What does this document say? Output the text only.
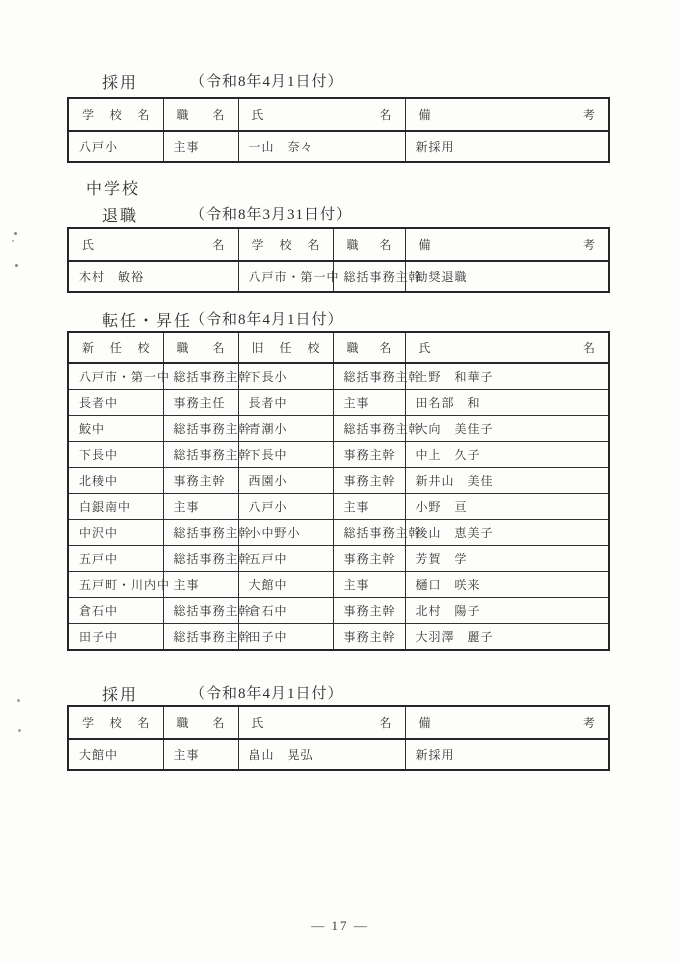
採用	（令和8年4月1日付）
学 校 名	職 名	氏 名	備 考

八戸小	主事	一山　奈々	新採用
中学校
退職	（令和8年3月31日付）
氏 名	学 校 名	職 名	備 考

木村　敏裕	八戸市・第一中	総括事務主幹	勧奨退職
転任・昇任
（令和8年4月1日付）
新 任 校	職 名	旧 任 校	職 名	氏 名

八戸市・第一中	総括事務主幹	下長小	総括事務主幹	上野　和華子
長者中	事務主任	長者中	主事	田名部　和
鮫中	総括事務主幹	青潮小	総括事務主幹	大向　美佳子
下長中	総括事務主幹	下長中	事務主幹	中上　久子
北稜中	事務主幹	西園小	事務主幹	新井山　美佳
白銀南中	主事	八戸小	主事	小野　亘
中沢中	総括事務主幹	小中野小	総括事務主幹	後山　恵美子
五戸中	総括事務主幹	五戸中	事務主幹	芳賀　学
五戸町・川内中	主事	大館中	主事	樋口　咲来
倉石中	総括事務主幹	倉石中	事務主幹	北村　陽子
田子中	総括事務主幹	田子中	事務主幹	大羽澤　麗子
採用	（令和8年4月1日付）
学 校 名	職 名	氏 名	備 考

大館中	主事	畠山　晃弘	新採用
— 17 —
